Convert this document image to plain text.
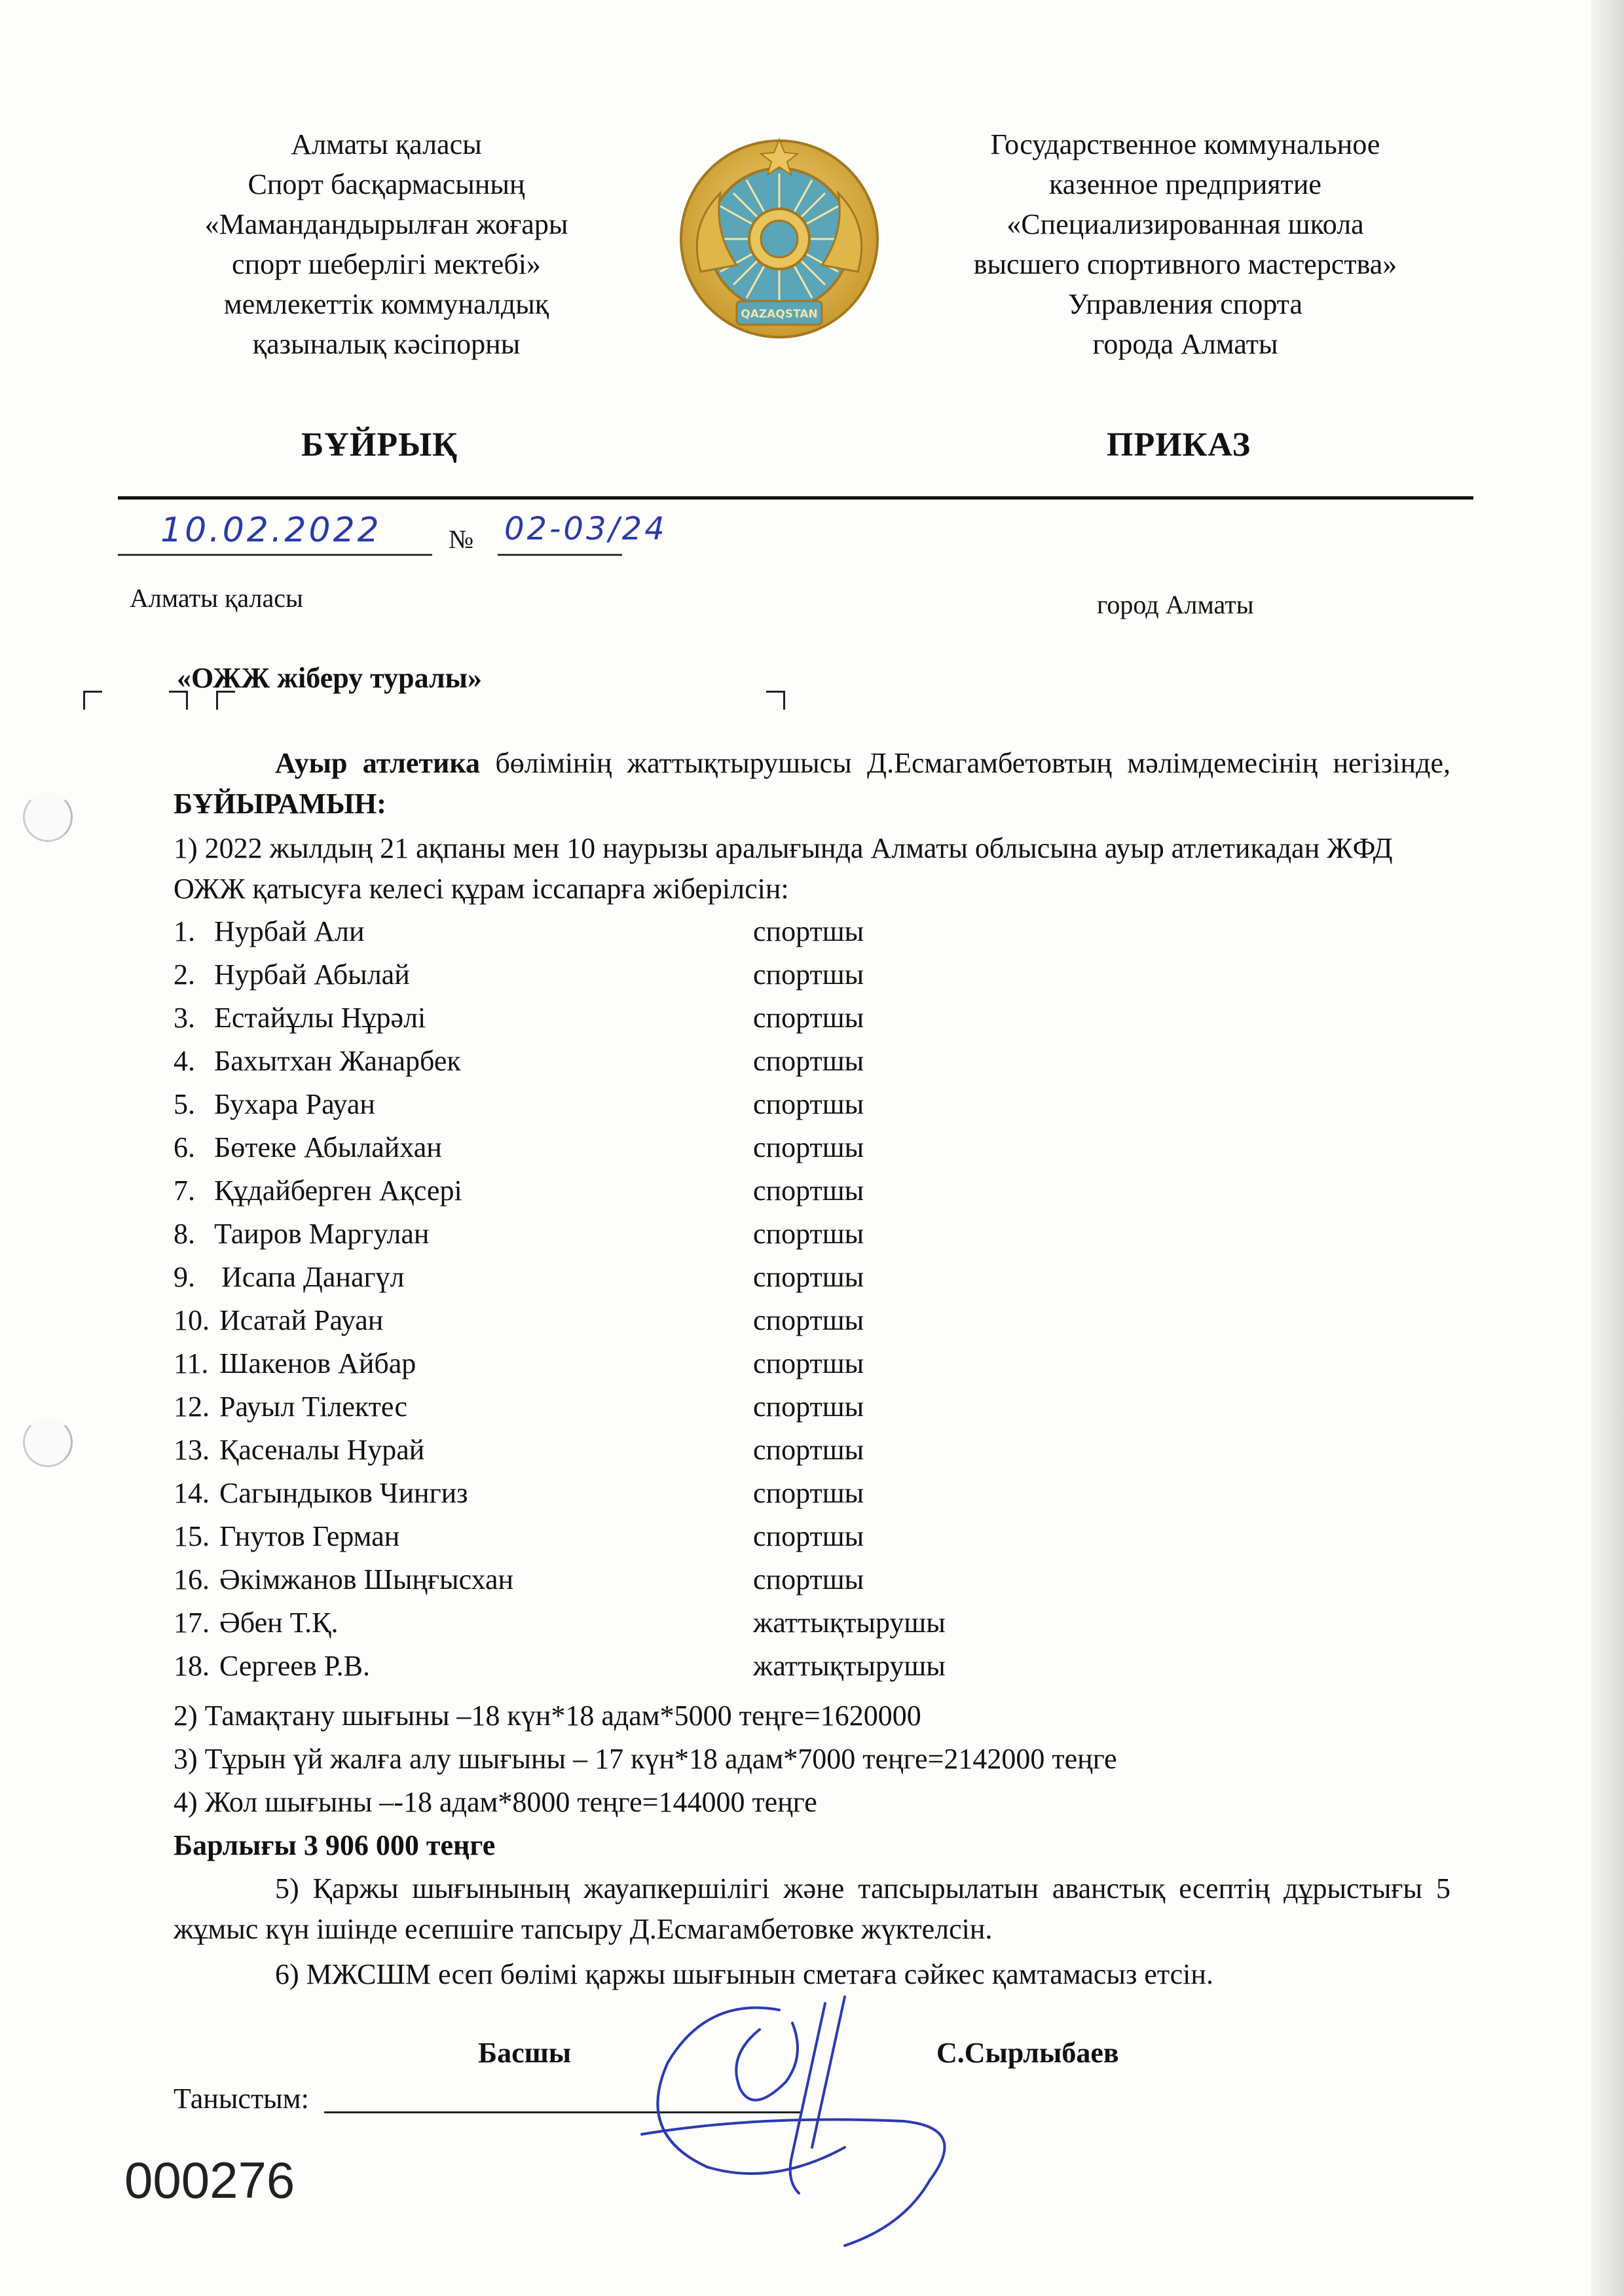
Алматы қаласы
Спорт басқармасының
«Мамандандырылған жоғары
спорт шеберлігі мектебі»
мемлекеттік коммуналдық
қазыналық кәсіпорны
QAZAQSTAN
Государственное коммунальное
казенное предприятие
«Специализированная школа
высшего спортивного мастерства»
Управления спорта
города Алматы
БҰЙРЫҚ	ПРИКАЗ
10.02.2022	№ 02-03/24
Алматы қаласы	город Алматы
«ОЖЖ жіберу туралы»
Ауыр атлетика бөлімінің жаттықтырушысы Д.Есмагамбетовтың мәлімдемесінің негізінде, БҰЙЫРАМЫН:
1) 2022 жылдың 21 ақпаны мен 10 наурызы аралығында Алматы облысына ауыр атлетикадан ЖФД ОЖЖ қатысуға келесі құрам іссапарға жіберілсін:
1. Нурбай Али	спортшы
2. Нурбай Абылай	спортшы
3. Естайұлы Нұрәлі	спортшы
4. Бахытхан Жанарбек	спортшы
5. Бухара Рауан	спортшы
6. Бөтеке Абылайхан	спортшы
7. Құдайберген Ақсері	спортшы
8. Таиров Маргулан	спортшы
9. Исапа Данагүл	спортшы
10. Исатай Рауан	спортшы
11. Шакенов Айбар	спортшы
12. Рауыл Тілектес	спортшы
13. Қасеналы Нурай	спортшы
14. Сагындыков Чингиз	спортшы
15. Гнутов Герман	спортшы
16. Әкімжанов Шыңғысхан	спортшы
17. Әбен Т.Қ.	жаттықтырушы
18. Сергеев Р.В.	жаттықтырушы
2) Тамақтану шығыны –18 күн*18 адам*5000 теңге=1620000
3) Тұрын үй жалға алу шығыны – 17 күн*18 адам*7000 теңге=2142000 теңге
4) Жол шығыны –-18 адам*8000 теңге=144000 теңге
Барлығы 3 906 000 теңге
5) Қаржы шығынының жауапкершілігі және тапсырылатын аванстық есептің дұрыстығы 5 жұмыс күн ішінде есепшіге тапсыру Д.Есмагамбетовке жүктелсін.
6) МЖСШМ есеп бөлімі қаржы шығынын сметаға сәйкес қамтамасыз етсін.
Басшы	С.Сырлыбаев
Таныстым:
000276
